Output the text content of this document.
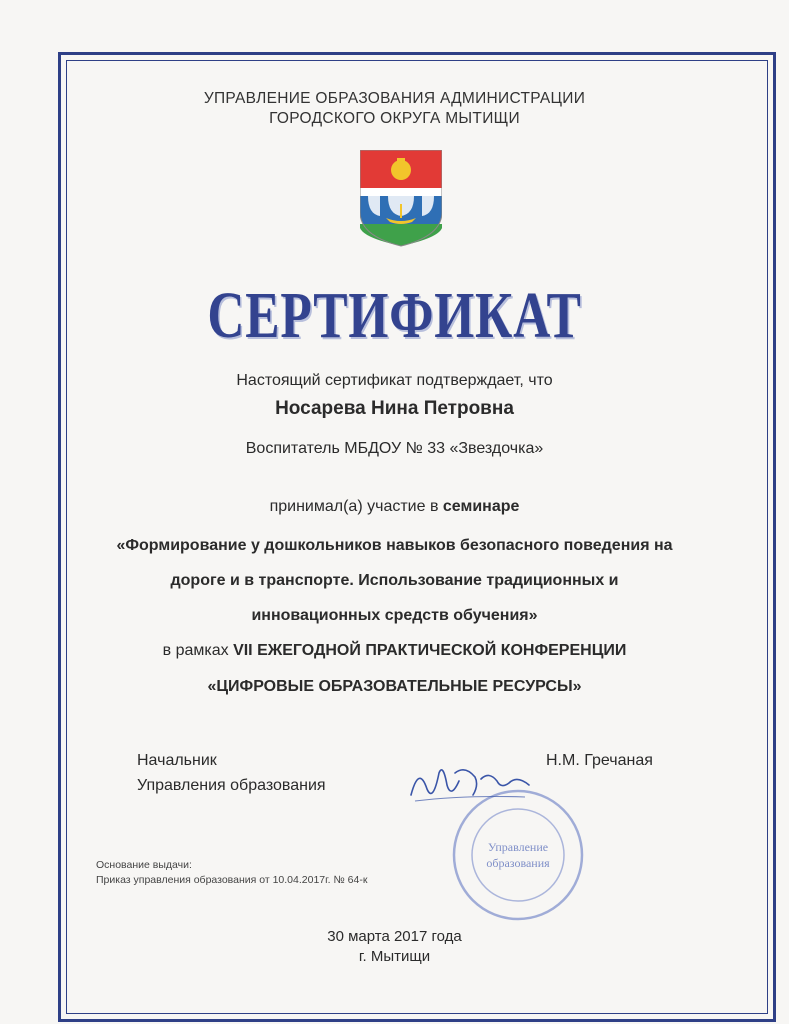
УПРАВЛЕНИЕ ОБРАЗОВАНИЯ АДМИНИСТРАЦИИ
ГОРОДСКОГО ОКРУГА МЫТИЩИ
СЕРТИФИКАТ
Настоящий сертификат подтверждает, что
Носарева Нина Петровна
Воспитатель МБДОУ № 33 «Звездочка»
принимал(а) участие в семинаре
«Формирование у дошкольников навыков безопасного поведения на
дороге и в транспорте. Использование традиционных и
инновационных средств обучения»
в рамках VII ЕЖЕГОДНОЙ ПРАКТИЧЕСКОЙ КОНФЕРЕНЦИИ
«ЦИФРОВЫЕ ОБРАЗОВАТЕЛЬНЫЕ РЕСУРСЫ»
Начальник
Управления образования
Н.М. Гречаная
Управление
образования
Основание выдачи:
Приказ управления образования от 10.04.2017г. № 64-к
30 марта 2017 года
г. Мытищи
